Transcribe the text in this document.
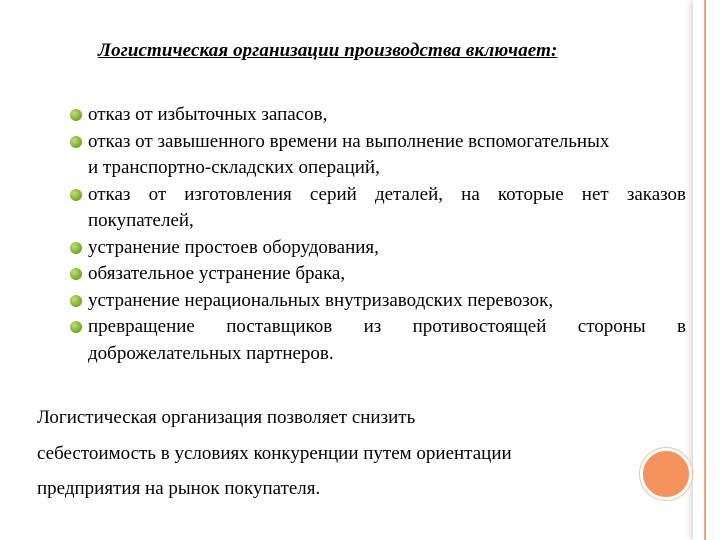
Логистическая организации производства включает:
отказ от избыточных запасов,
отказ от завышенного времени на выполнение вспомогательных
и транспортно-складских операций,
отказ от изготовления серий деталей, на которые нет заказов
покупателей,
устранение простоев оборудования,
обязательное устранение брака,
устранение нерациональных внутризаводских перевозок,
превращение поставщиков из противостоящей стороны в
доброжелательных партнеров.
Логистическая организация позволяет снизить
себестоимость в условиях конкуренции путем ориентации
предприятия на рынок покупателя.
